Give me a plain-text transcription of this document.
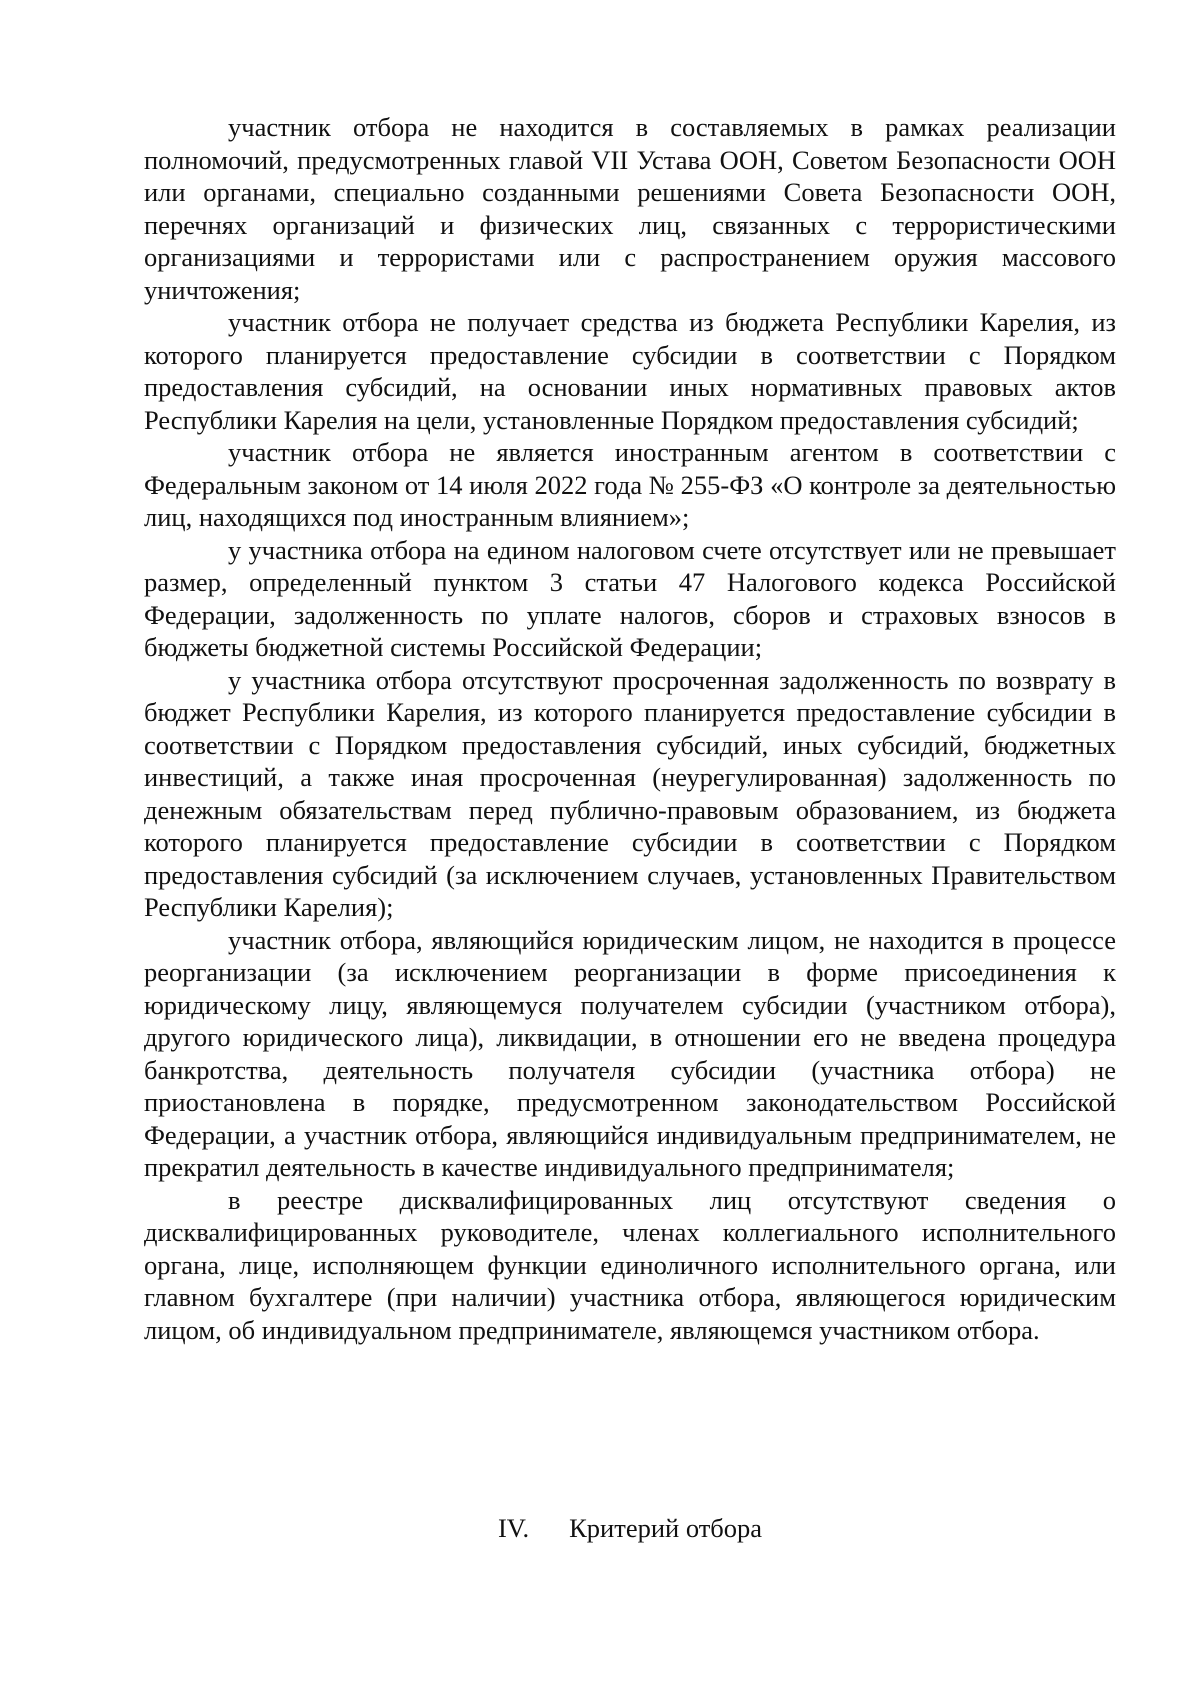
участник отбора не находится в составляемых в рамках реализации полномочий, предусмотренных главой VII Устава ООН, Советом Безопасности ООН или органами, специально созданными решениями Совета Безопасности ООН, перечнях организаций и физических лиц, связанных с террористическими организациями и террористами или с распространением оружия массового уничтожения;

участник отбора не получает средства из бюджета Республики Карелия, из которого планируется предоставление субсидии в соответствии с Порядком предоставления субсидий, на основании иных нормативных правовых актов Республики Карелия на цели, установленные Порядком предоставления субсидий;

участник отбора не является иностранным агентом в соответствии с Федеральным законом от 14 июля 2022 года № 255-ФЗ «О контроле за деятельностью лиц, находящихся под иностранным влиянием»;

у участника отбора на едином налоговом счете отсутствует или не превышает размер, определенный пунктом 3 статьи 47 Налогового кодекса Российской Федерации, задолженность по уплате налогов, сборов и страховых взносов в бюджеты бюджетной системы Российской Федерации;

у участника отбора отсутствуют просроченная задолженность по возврату в бюджет Республики Карелия, из которого планируется предоставление субсидии в соответствии с Порядком предоставления субсидий, иных субсидий, бюджетных инвестиций, а также иная просроченная (неурегулированная) задолженность по денежным обязательствам перед публично-правовым образованием, из бюджета которого планируется предоставление субсидии в соответствии с Порядком предоставления субсидий (за исключением случаев, установленных Правительством Республики Карелия);

участник отбора, являющийся юридическим лицом, не находится в процессе реорганизации (за исключением реорганизации в форме присоединения к юридическому лицу, являющемуся получателем субсидии (участником отбора), другого юридического лица), ликвидации, в отношении его не введена процедура банкротства, деятельность получателя субсидии (участника отбора) не приостановлена в порядке, предусмотренном законодательством Российской Федерации, а участник отбора, являющийся индивидуальным предпринимателем, не прекратил деятельность в качестве индивидуального предпринимателя;

в реестре дисквалифицированных лиц отсутствуют сведения о дисквалифицированных руководителе, членах коллегиального исполнительного органа, лице, исполняющем функции единоличного исполнительного органа, или главном бухгалтере (при наличии) участника отбора, являющегося юридическим лицом, об индивидуальном предпринимателе, являющемся участником отбора.

IV. Критерий отбора
